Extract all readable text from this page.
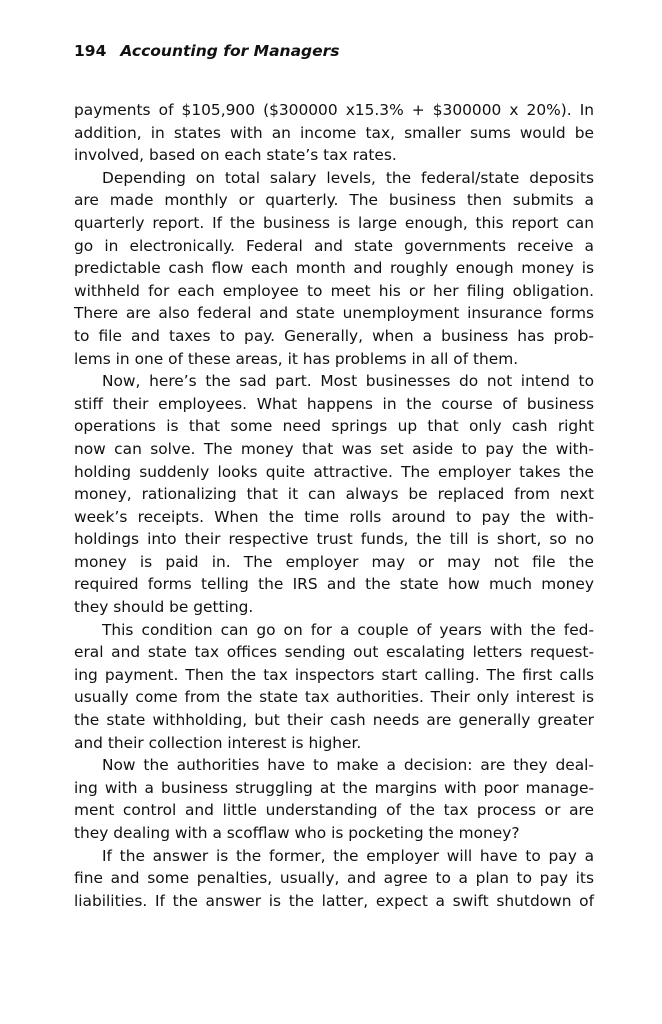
194 Accounting for Managers
payments of $105,900 ($300000 x15.3% + $300000 x 20%). In
addition, in states with an income tax, smaller sums would be
involved, based on each state’s tax rates.
Depending on total salary levels, the federal/state deposits
are made monthly or quarterly. The business then submits a
quarterly report. If the business is large enough, this report can
go in electronically. Federal and state governments receive a
predictable cash flow each month and roughly enough money is
withheld for each employee to meet his or her filing obligation.
There are also federal and state unemployment insurance forms
to file and taxes to pay. Generally, when a business has prob-
lems in one of these areas, it has problems in all of them.
Now, here’s the sad part. Most businesses do not intend to
stiff their employees. What happens in the course of business
operations is that some need springs up that only cash right
now can solve. The money that was set aside to pay the with-
holding suddenly looks quite attractive. The employer takes the
money, rationalizing that it can always be replaced from next
week’s receipts. When the time rolls around to pay the with-
holdings into their respective trust funds, the till is short, so no
money is paid in. The employer may or may not file the
required forms telling the IRS and the state how much money
they should be getting.
This condition can go on for a couple of years with the fed-
eral and state tax offices sending out escalating letters request-
ing payment. Then the tax inspectors start calling. The first calls
usually come from the state tax authorities. Their only interest is
the state withholding, but their cash needs are generally greater
and their collection interest is higher.
Now the authorities have to make a decision: are they deal-
ing with a business struggling at the margins with poor manage-
ment control and little understanding of the tax process or are
they dealing with a scofflaw who is pocketing the money?
If the answer is the former, the employer will have to pay a
fine and some penalties, usually, and agree to a plan to pay its
liabilities. If the answer is the latter, expect a swift shutdown of
